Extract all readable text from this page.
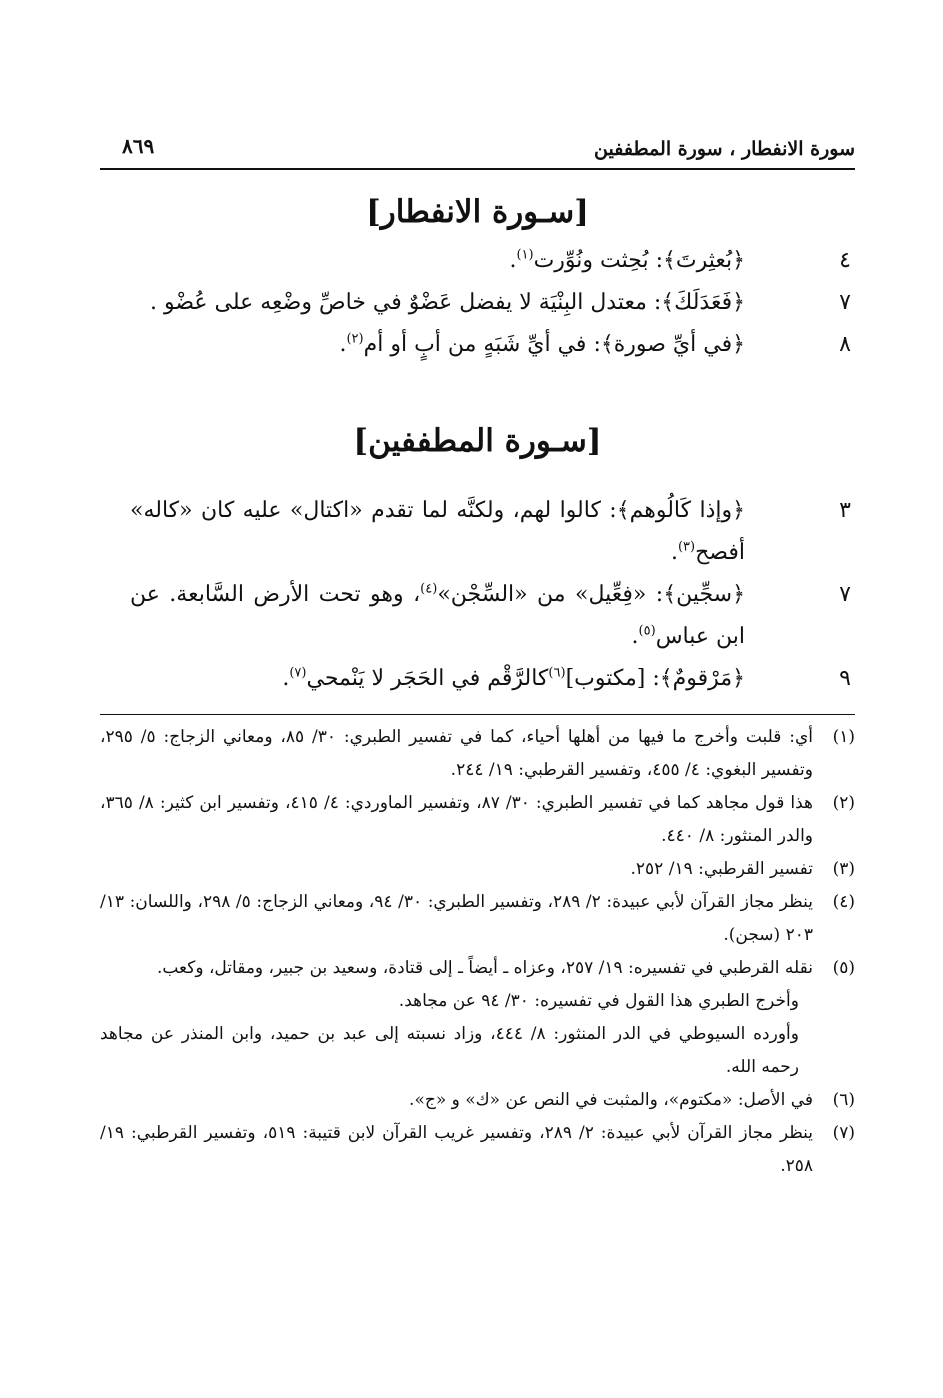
سورة الانفطار ، سورة المطففين
٨٦٩
[سـورة الانفطار]
٤
﴿بُعثِرتَ﴾: بُحِثت ونُوِّرت$^{(١)}$.
٧
﴿فَعَدَلَكَ﴾: معتدل البِنْيَة لا يفضل عَضْوٌ في خاصِّ وضْعِه على عُضْو .
٨
﴿في أيِّ صورة﴾: في أيِّ شَبَهٍ من أبٍ أو أم$^{(٢)}$.
[سـورة المطففين]
٣
﴿وإذا كَالُوهم﴾: كالوا لهم، ولكنَّه لما تقدم «اكتال» عليه كان «كاله» أفصح$^{(٣)}$.
٧
﴿سجِّين﴾: «فِعِّيل» من «السِّجْن»$^{(٤)}$، وهو تحت الأرض السَّابعة. عن ابن عباس$^{(٥)}$.
٩
﴿مَرْقومٌ﴾: [مكتوب]$^{(٦)}$كالرَّقْم في الحَجَر لا يَنْمحي$^{(٧)}$.
(١)

أي: قلبت وأخرج ما فيها من أهلها أحياء، كما في تفسير الطبري: ٣٠/ ٨٥، ومعاني الزجاج: ٥/ ٢٩٥، وتفسير البغوي: ٤/ ٤٥٥، وتفسير القرطبي: ١٩/ ٢٤٤.

(٢)

هذا قول مجاهد كما في تفسير الطبري: ٣٠/ ٨٧، وتفسير الماوردي: ٤/ ٤١٥، وتفسير ابن كثير: ٨/ ٣٦٥، والدر المنثور: ٨/ ٤٤٠.

(٣)

تفسير القرطبي: ١٩/ ٢٥٢.

(٤)

ينظر مجاز القرآن لأبي عبيدة: ٢/ ٢٨٩، وتفسير الطبري: ٣٠/ ٩٤، ومعاني الزجاج: ٥/ ٢٩٨، واللسان: ١٣/ ٢٠٣ (سجن).

(٥)

نقله القرطبي في تفسيره: ١٩/ ٢٥٧، وعزاه ـ أيضاً ـ إلى قتادة، وسعيد بن جبير، ومقاتل، وكعب.

وأخرج الطبري هذا القول في تفسيره: ٣٠/ ٩٤ عن مجاهد.

وأورده السيوطي في الدر المنثور: ٨/ ٤٤٤، وزاد نسبته إلى عبد بن حميد، وابن المنذر عن مجاهد رحمه الله.

(٦)

في الأصل: «مكتوم»، والمثبت في النص عن «ك» و «ج».

(٧)

ينظر مجاز القرآن لأبي عبيدة: ٢/ ٢٨٩، وتفسير غريب القرآن لابن قتيبة: ٥١٩، وتفسير القرطبي: ١٩/ ٢٥٨.
